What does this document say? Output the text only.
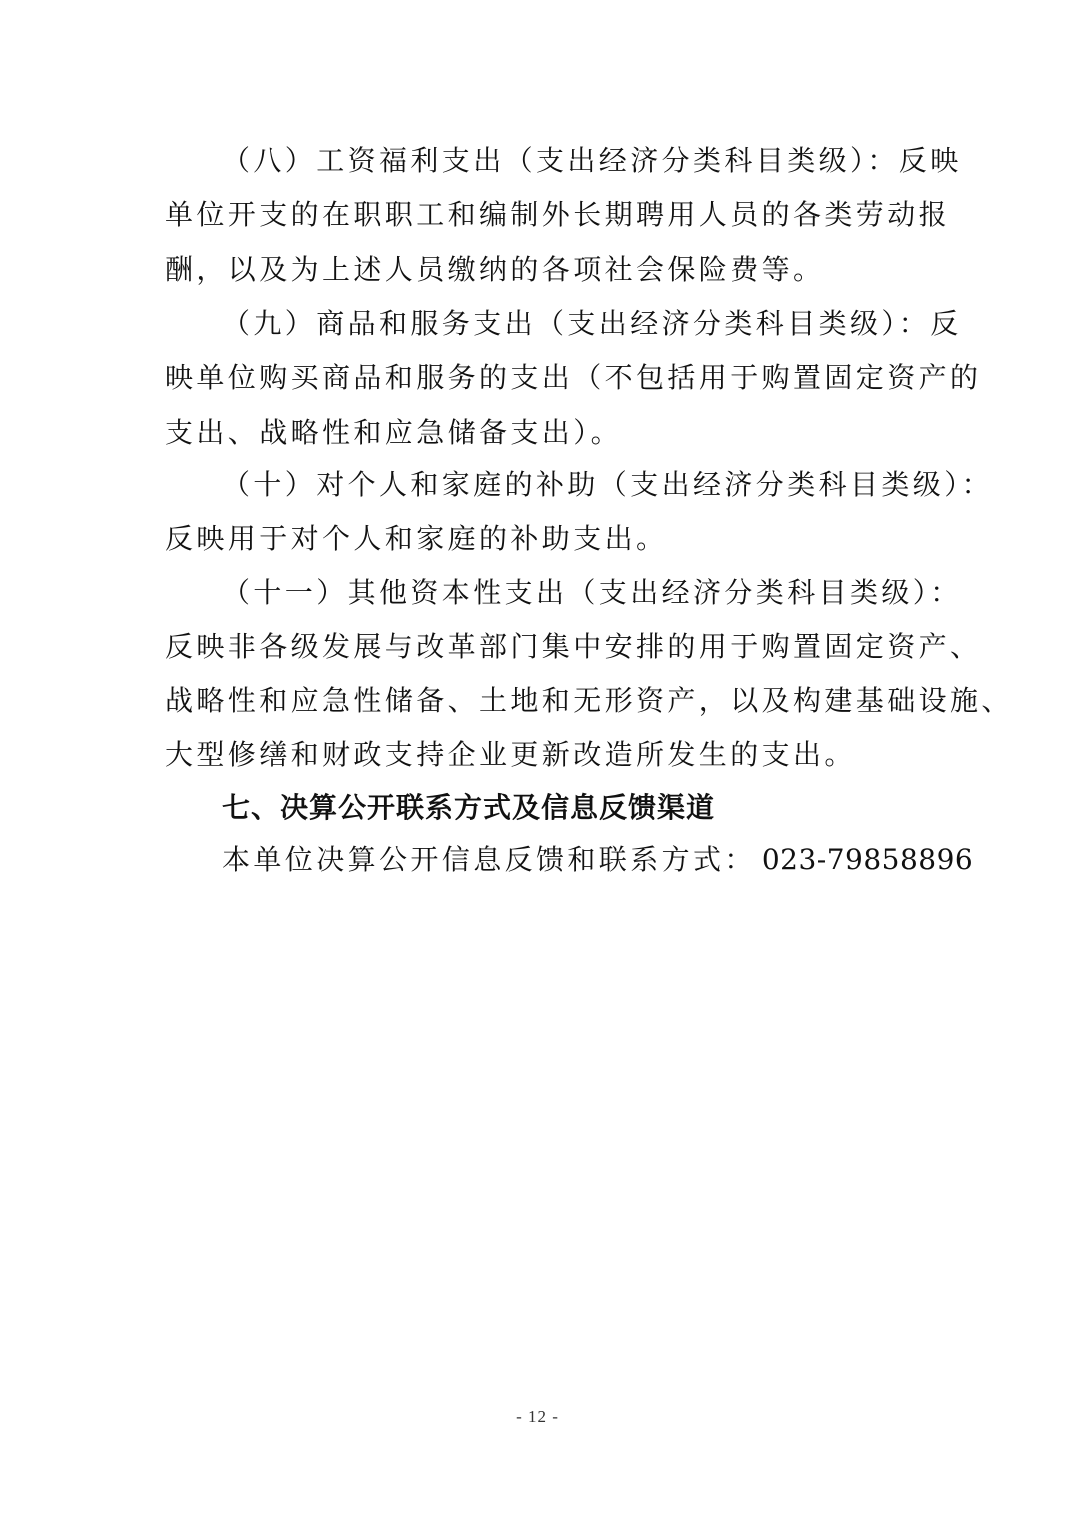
（八）工资福利支出（支出经济分类科目类级）：反映
单位开支的在职职工和编制外长期聘用人员的各类劳动报
酬，以及为上述人员缴纳的各项社会保险费等。
（九）商品和服务支出（支出经济分类科目类级）：反
映单位购买商品和服务的支出（不包括用于购置固定资产的
支出、战略性和应急储备支出）。
（十）对个人和家庭的补助（支出经济分类科目类级）：
反映用于对个人和家庭的补助支出。
（十一）其他资本性支出（支出经济分类科目类级）：
反映非各级发展与改革部门集中安排的用于购置固定资产、
战略性和应急性储备、土地和无形资产，以及构建基础设施、
大型修缮和财政支持企业更新改造所发生的支出。
七、决算公开联系方式及信息反馈渠道
本单位决算公开信息反馈和联系方式： 023-79858896
- 12 -
